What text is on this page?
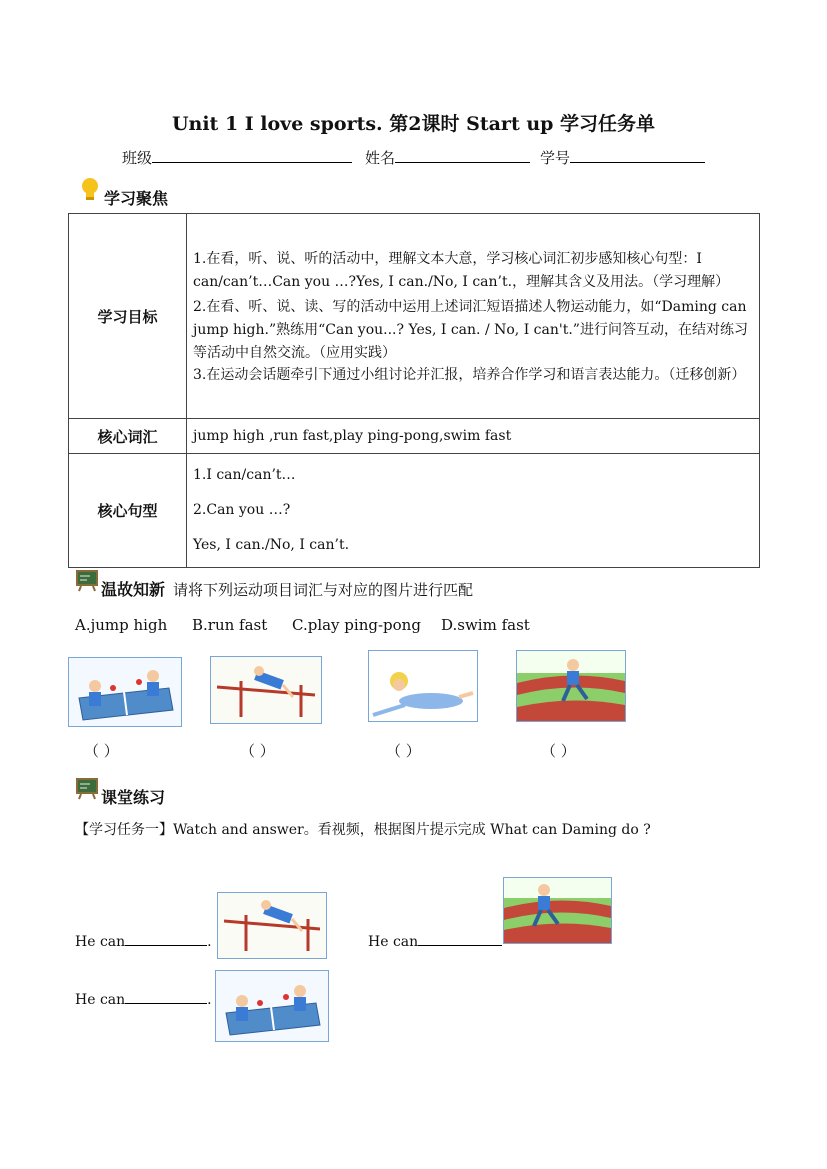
Unit 1 I love sports. 第2课时 Start up 学习任务单
班级	姓名	学号
学习聚焦
学习目标	1.在看，听、说、听的活动中，理解文本大意，学习核心词汇初步感知核心句型：I can/can’t…Can you …?Yes, I can./No, I can’t.，理解其含义及用法。（学习理解）
2.在看、听、说、读、写的活动中运用上述词汇短语描述人物运动能力，如“Daming can jump high.”熟练用“Can you...? Yes, I can. / No, I can't.”进行问答互动，在结对练习等活动中自然交流。（应用实践）
3.在运动会话题牵引下通过小组讨论并汇报，培养合作学习和语言表达能力。（迁移创新）

核心词汇	jump high ,run fast,play ping-pong,swim fast
核心句型	1.I can/can’t…
2.Can you …?
Yes, I can./No, I can’t.
温故知新 请将下列运动项目词汇与对应的图片进行匹配
A.jump high B.run fast C.play ping-pong D.swim fast
（ ）	（ ）	（ ）	（ ）
课堂练习
【学习任务一】Watch and answer。看视频，根据图片提示完成 What can Daming do ?
He can	.	He can
He can	.
